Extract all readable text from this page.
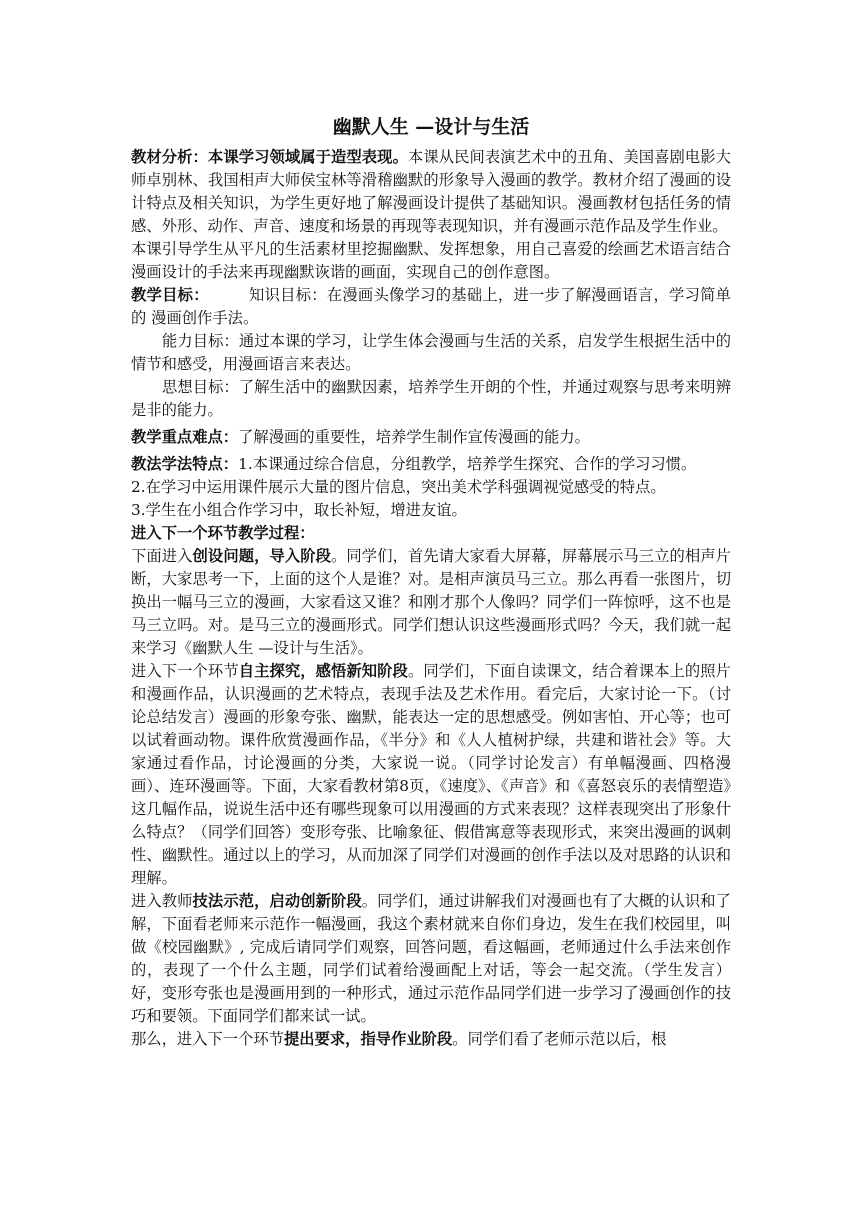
幽默人生 —设计与生活

教材分析：本课学习领域属于造型表现。本课从民间表演艺术中的丑角、美国喜剧电影大师卓别林、我国相声大师侯宝林等滑稽幽默的形象导入漫画的教学。教材介绍了漫画的设计特点及相关知识，为学生更好地了解漫画设计提供了基础知识。漫画教材包括任务的情感、外形、动作、声音、速度和场景的再现等表现知识，并有漫画示范作品及学生作业。

本课引导学生从平凡的生活素材里挖掘幽默、发挥想象，用自己喜爱的绘画艺术语言结合漫画设计的手法来再现幽默诙谐的画面，实现自己的创作意图。

教学目标：	知识目标：在漫画头像学习的基础上，进一步了解漫画语言，学习简单的 漫画创作手法。

能力目标：通过本课的学习，让学生体会漫画与生活的关系，启发学生根据生活中的情节和感受，用漫画语言来表达。

思想目标：了解生活中的幽默因素，培养学生开朗的个性，并通过观察与思考来明辨是非的能力。

教学重点难点：了解漫画的重要性，培养学生制作宣传漫画的能力。

教法学法特点：1.本课通过综合信息，分组教学，培养学生探究、合作的学习习惯。

2.在学习中运用课件展示大量的图片信息，突出美术学科强调视觉感受的特点。

3.学生在小组合作学习中，取长补短，增进友谊。

进入下一个环节教学过程：

下面进入创设问题，导入阶段。同学们，首先请大家看大屏幕，屏幕展示马三立的相声片断，大家思考一下，上面的这个人是谁？对。是相声演员马三立。那么再看一张图片，切换出一幅马三立的漫画，大家看这又谁？和刚才那个人像吗？同学们一阵惊呼，这不也是马三立吗。对。是马三立的漫画形式。同学们想认识这些漫画形式吗？今天，我们就一起来学习《幽默人生 —设计与生活》。

进入下一个环节自主探究，感悟新知阶段。同学们，下面自读课文，结合着课本上的照片和漫画作品，认识漫画的艺术特点，表现手法及艺术作用。看完后，大家讨论一下。（讨论总结发言）漫画的形象夸张、幽默，能表达一定的思想感受。例如害怕、开心等；也可以试着画动物。课件欣赏漫画作品，《半分》和《人人植树护绿，共建和谐社会》等。大家通过看作品，讨论漫画的分类，大家说一说。（同学讨论发言）有单幅漫画、四格漫画）、连环漫画等。下面，大家看教材第8页，《速度》、《声音》和《喜怒哀乐的表情塑造》这几幅作品，说说生活中还有哪些现象可以用漫画的方式来表现？这样表现突出了形象什么特点？（同学们回答）变形夸张、比喻象征、假借寓意等表现形式，来突出漫画的讽刺性、幽默性。通过以上的学习，从而加深了同学们对漫画的创作手法以及对思路的认识和理解。

进入教师技法示范，启动创新阶段。同学们，通过讲解我们对漫画也有了大概的认识和了解，下面看老师来示范作一幅漫画，我这个素材就来自你们身边，发生在我们校园里，叫做《校园幽默》, 完成后请同学们观察，回答问题，看这幅画，老师通过什么手法来创作的，表现了一个什么主题，同学们试着给漫画配上对话，等会一起交流。（学生发言）好，变形夸张也是漫画用到的一种形式，通过示范作品同学们进一步学习了漫画创作的技巧和要领。下面同学们都来试一试。

那么，进入下一个环节提出要求，指导作业阶段。同学们看了老师示范以后，根
